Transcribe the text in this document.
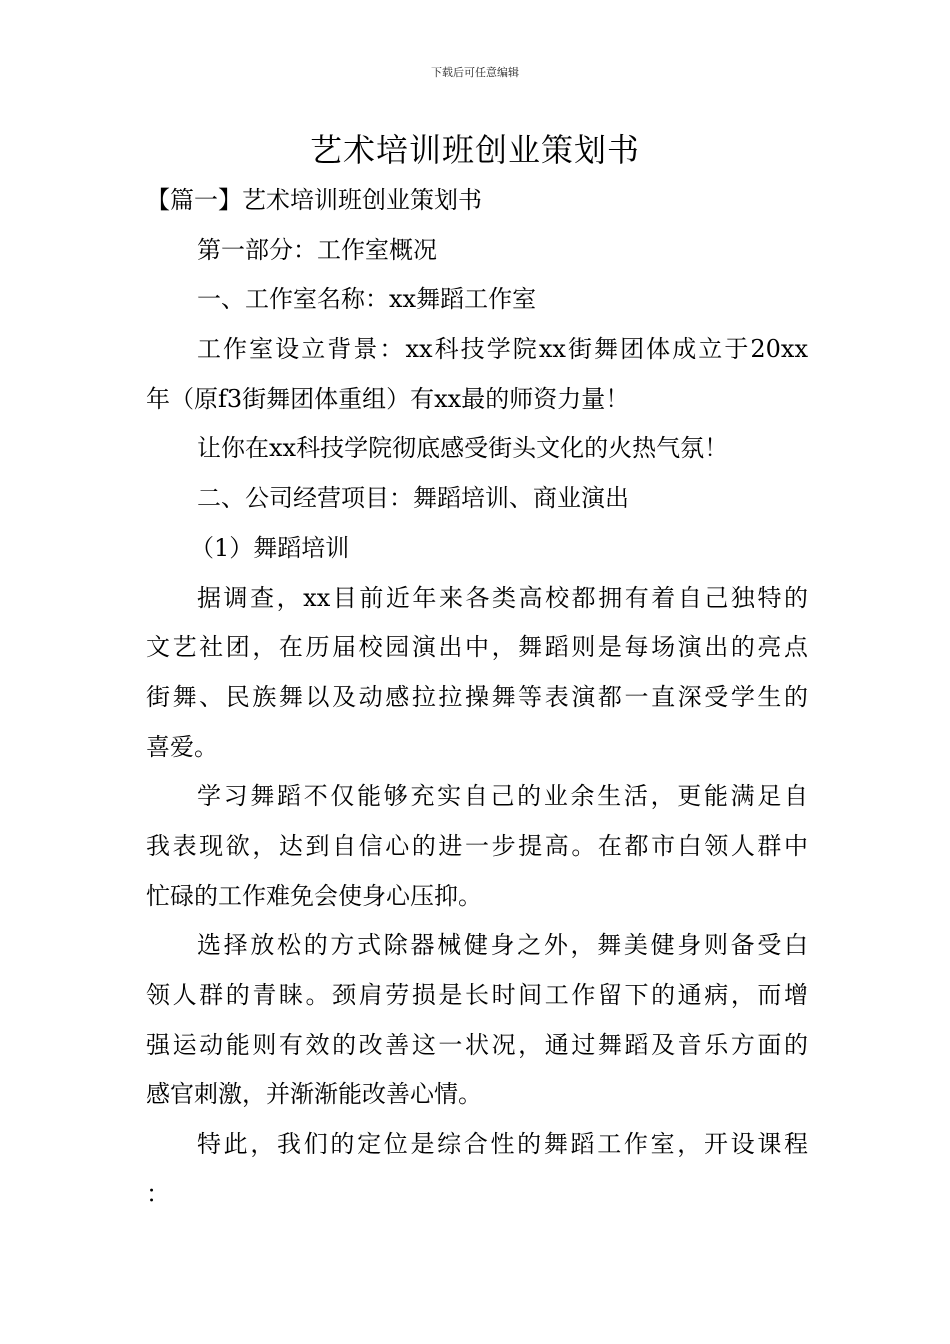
下载后可任意编辑
艺术培训班创业策划书
【篇一】艺术培训班创业策划书
第一部分：工作室概况
一、工作室名称：xx舞蹈工作室
工作室设立背景：xx科技学院xx街舞团体成立于20xx
年（原f3街舞团体重组）有xx最的师资力量！
让你在xx科技学院彻底感受街头文化的火热气氛！
二、公司经营项目：舞蹈培训、商业演出
（1）舞蹈培训
据调查，xx目前近年来各类高校都拥有着自己独特的
文艺社团，在历届校园演出中，舞蹈则是每场演出的亮点
街舞、民族舞以及动感拉拉操舞等表演都一直深受学生的
喜爱。
学习舞蹈不仅能够充实自己的业余生活，更能满足自
我表现欲，达到自信心的进一步提高。在都市白领人群中
忙碌的工作难免会使身心压抑。
选择放松的方式除器械健身之外，舞美健身则备受白
领人群的青睐。颈肩劳损是长时间工作留下的通病，而增
强运动能则有效的改善这一状况，通过舞蹈及音乐方面的
感官刺激，并渐渐能改善心情。
特此，我们的定位是综合性的舞蹈工作室，开设课程
：
